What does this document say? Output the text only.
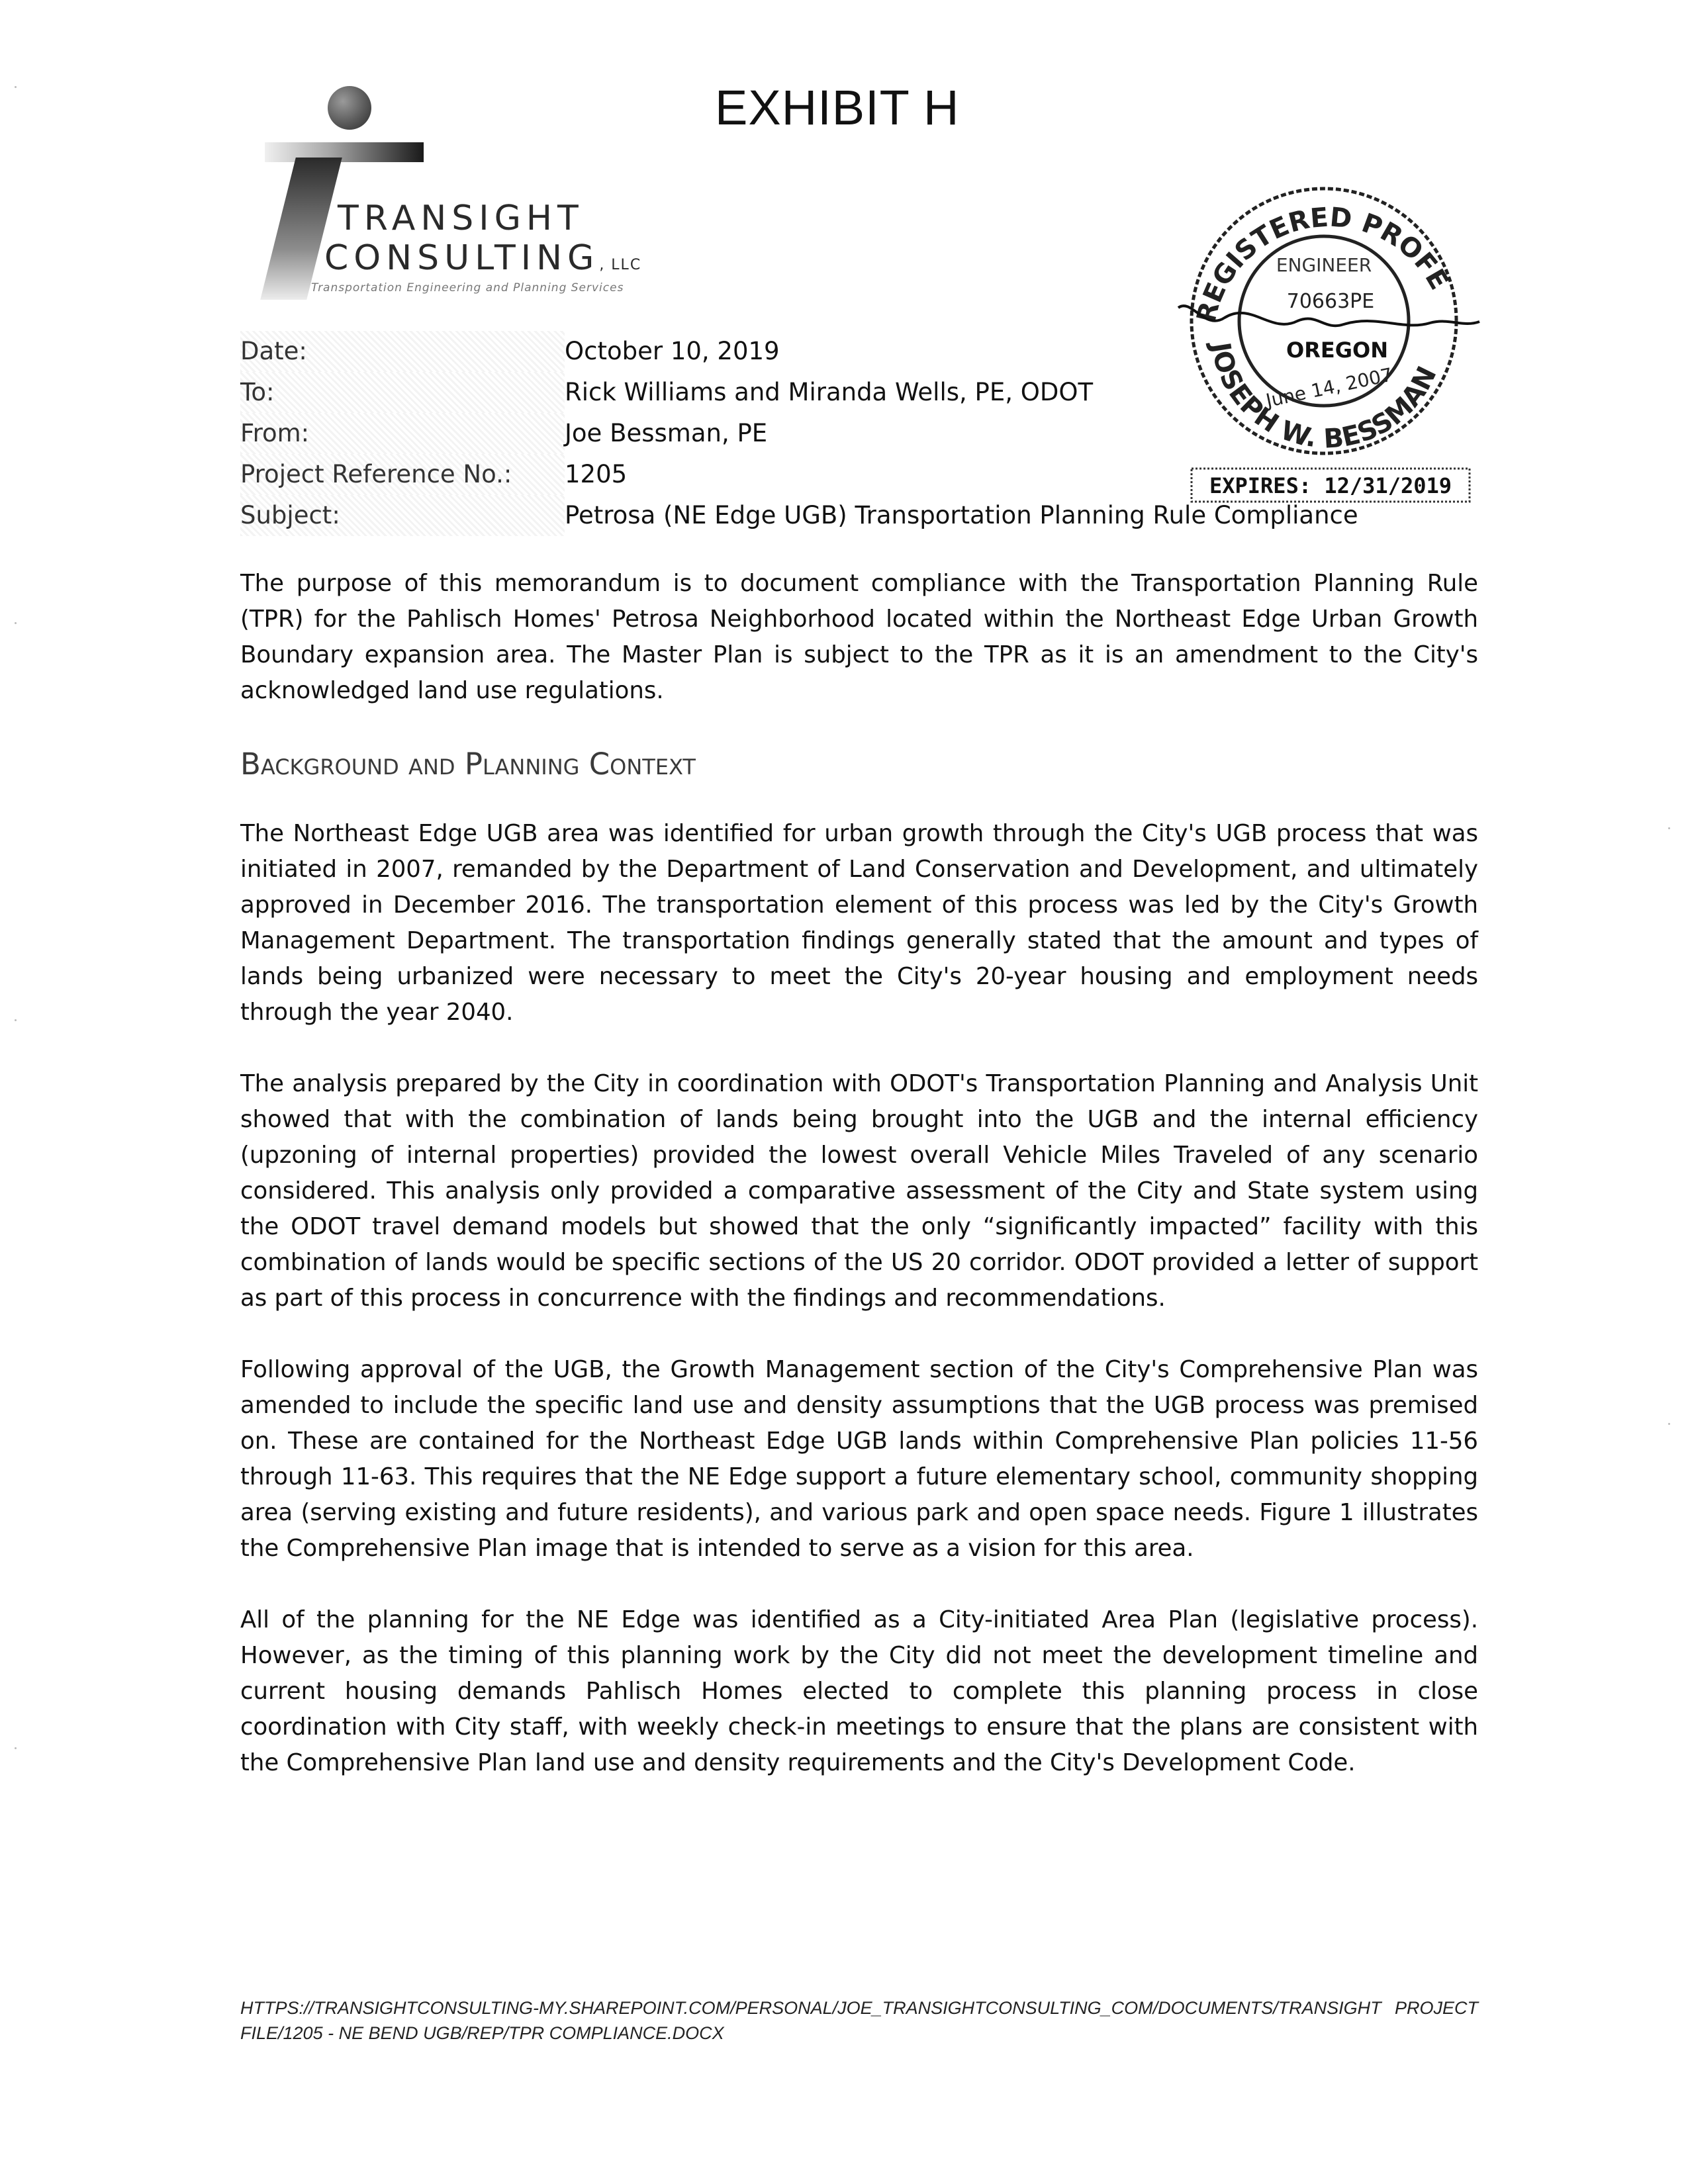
EXHIBIT H
TRANSIGHT
CONSULTING, LLC
Transportation Engineering and Planning Services
REGISTERED PROFE
JOSEPH W. BESSMAN
ENGINEER
70663PE
OREGON
June 14, 2007
EXPIRES: 12/31/2019
Date:	October 10, 2019
To:	Rick Williams and Miranda Wells, PE, ODOT
From:	Joe Bessman, PE
Project Reference No.:	1205
Subject:	Petrosa (NE Edge UGB) Transportation Planning Rule Compliance

The purpose of this memorandum is to document compliance with the Transportation Planning Rule (TPR) for the Pahlisch Homes' Petrosa Neighborhood located within the Northeast Edge Urban Growth Boundary expansion area. The Master Plan is subject to the TPR as it is an amendment to the City's acknowledged land use regulations.

Background and Planning Context

The Northeast Edge UGB area was identified for urban growth through the City's UGB process that was initiated in 2007, remanded by the Department of Land Conservation and Development, and ultimately approved in December 2016. The transportation element of this process was led by the City's Growth Management Department. The transportation findings generally stated that the amount and types of lands being urbanized were necessary to meet the City's 20-year housing and employment needs through the year 2040.

The analysis prepared by the City in coordination with ODOT's Transportation Planning and Analysis Unit showed that with the combination of lands being brought into the UGB and the internal efficiency (upzoning of internal properties) provided the lowest overall Vehicle Miles Traveled of any scenario considered. This analysis only provided a comparative assessment of the City and State system using the ODOT travel demand models but showed that the only “significantly impacted” facility with this combination of lands would be specific sections of the US 20 corridor. ODOT provided a letter of support as part of this process in concurrence with the findings and recommendations.

Following approval of the UGB, the Growth Management section of the City's Comprehensive Plan was amended to include the specific land use and density assumptions that the UGB process was premised on. These are contained for the Northeast Edge UGB lands within Comprehensive Plan policies 11-56 through 11-63. This requires that the NE Edge support a future elementary school, community shopping area (serving existing and future residents), and various park and open space needs. Figure 1 illustrates the Comprehensive Plan image that is intended to serve as a vision for this area.

All of the planning for the NE Edge was identified as a City-initiated Area Plan (legislative process). However, as the timing of this planning work by the City did not meet the development timeline and current housing demands Pahlisch Homes elected to complete this planning process in close coordination with City staff, with weekly check-in meetings to ensure that the plans are consistent with the Comprehensive Plan land use and density requirements and the City's Development Code.

HTTPS://TRANSIGHTCONSULTING-MY.SHAREPOINT.COM/PERSONAL/JOE_TRANSIGHTCONSULTING_COM/DOCUMENTS/TRANSIGHT PROJECT FILE/1205 - NE BEND UGB/REP/TPR COMPLIANCE.DOCX
